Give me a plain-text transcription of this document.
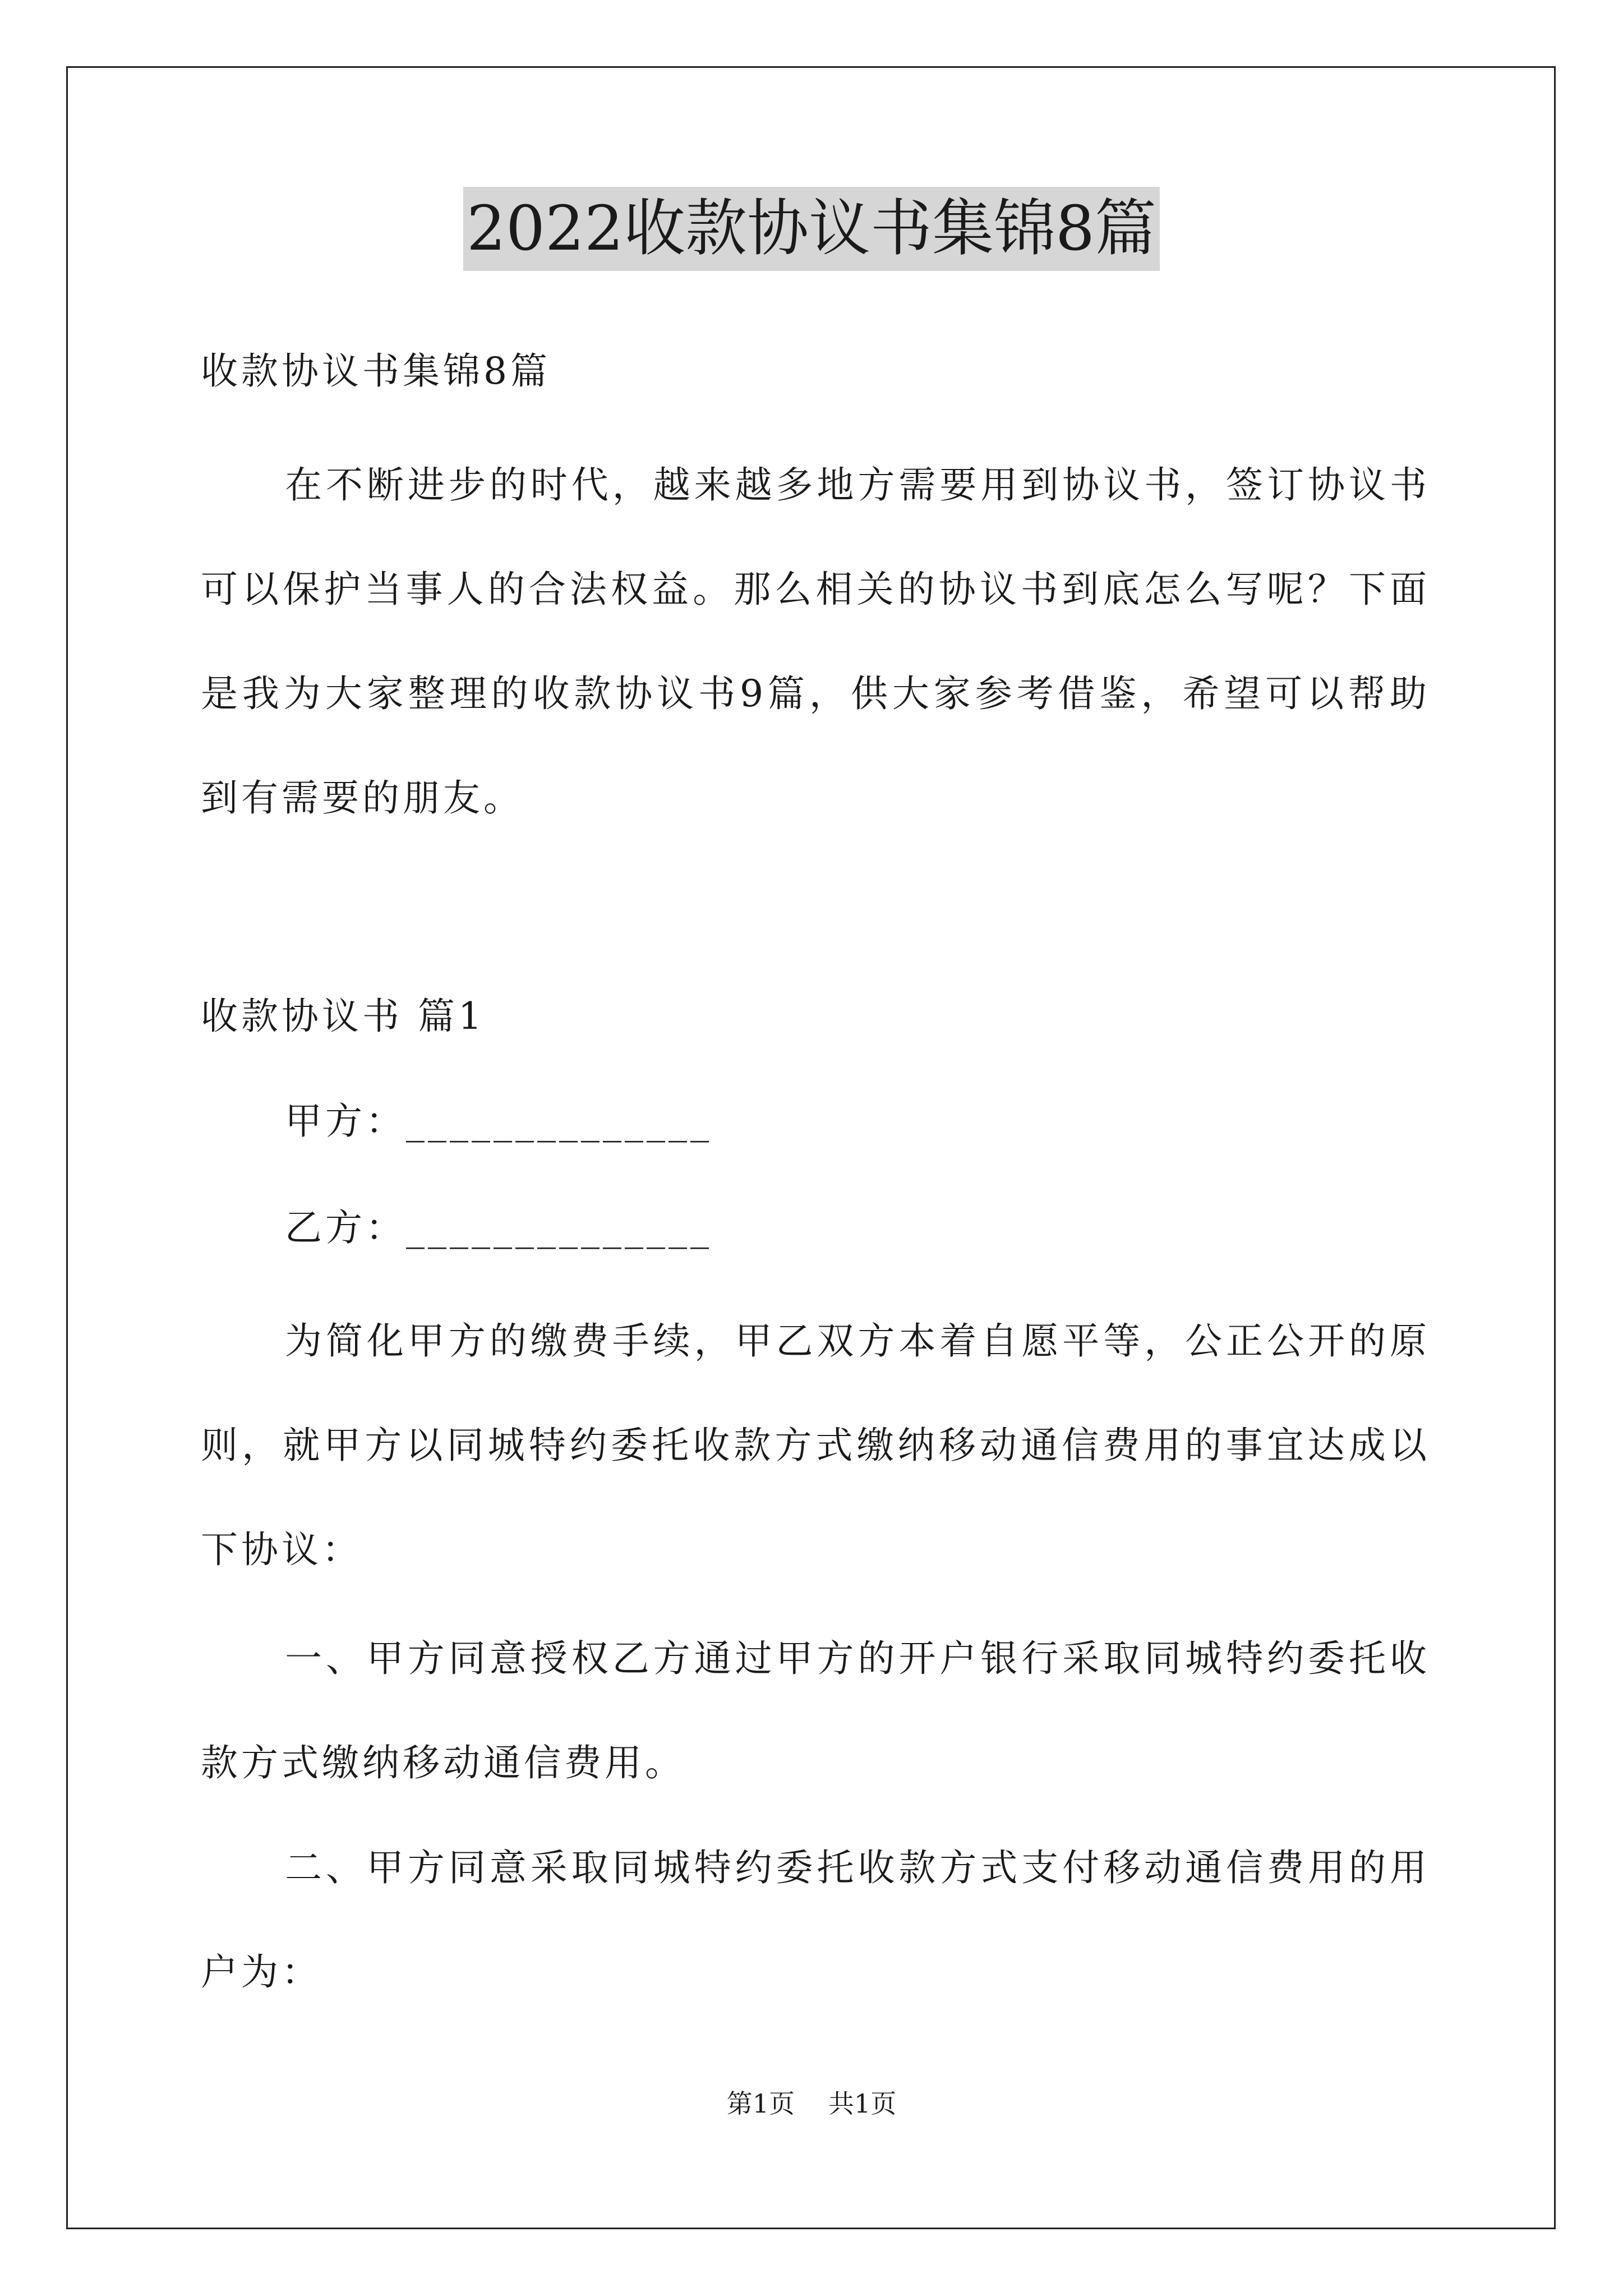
2022收款协议书集锦8篇

收款协议书集锦8篇

在不断进步的时代，越来越多地方需要用到协议书，签订协议书可以保护当事人的合法权益。那么相关的协议书到底怎么写呢？下面是我为大家整理的收款协议书9篇，供大家参考借鉴，希望可以帮助到有需要的朋友。

收款协议书 篇1

甲方：______________

乙方：______________

为简化甲方的缴费手续，甲乙双方本着自愿平等，公正公开的原则，就甲方以同城特约委托收款方式缴纳移动通信费用的事宜达成以下协议：

一、甲方同意授权乙方通过甲方的开户银行采取同城特约委托收款方式缴纳移动通信费用。

二、甲方同意采取同城特约委托收款方式支付移动通信费用的用户为：

第1页 共1页
